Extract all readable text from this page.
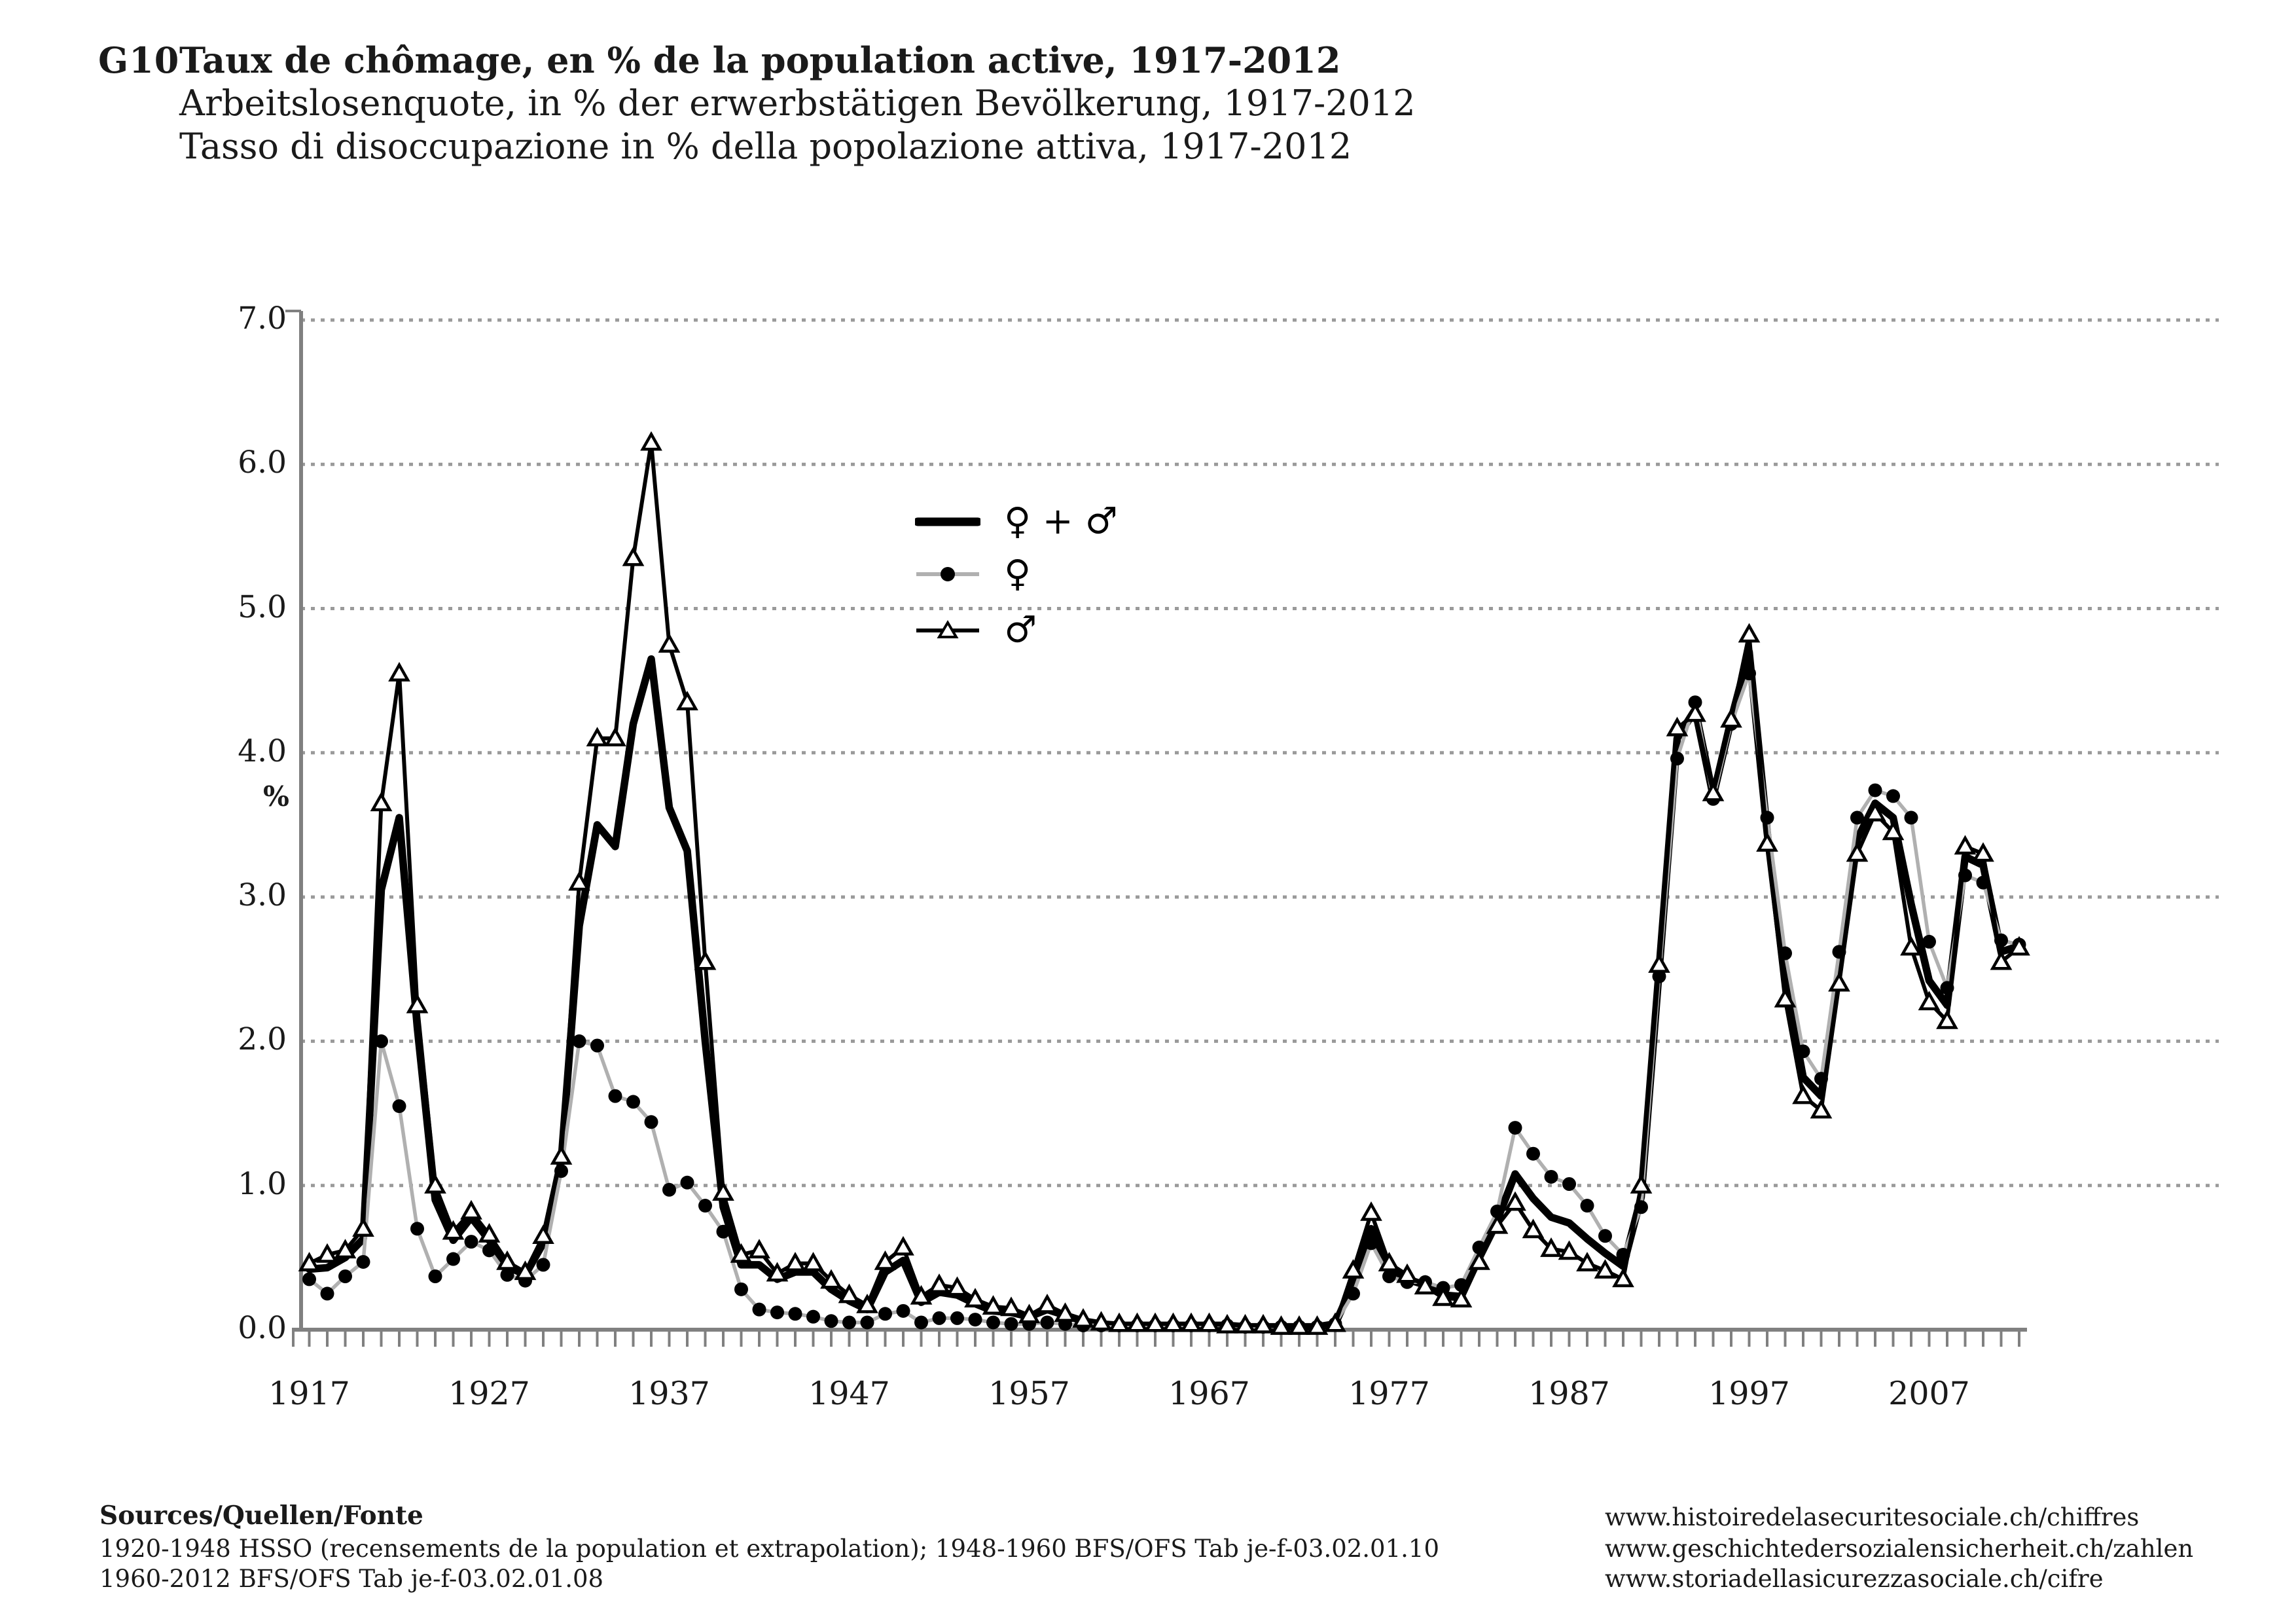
G10 Taux de chômage, en % de la population active, 1917-2012
Arbeitslosenquote, in % der erwerbstätigen Bevölkerung, 1917-2012
Tasso di disoccupazione in % della popolazione attiva, 1917-2012
0.0
1.0
2.0
3.0
4.0
5.0
6.0
7.0
%
1917	1927	1937	1947	1957	1967	1977	1987	1997	2007
♀ + ♂
♀
♂
Sources/Quellen/Fonte
1920-1948 HSSO (recensements de la population et extrapolation); 1948-1960 BFS/OFS Tab je-f-03.02.01.10
1960-2012 BFS/OFS Tab je-f-03.02.01.08
www.histoiredelasecuritesociale.ch/chiffres
www.geschichtedersozialensicherheit.ch/zahlen
www.storiadellasicurezzasociale.ch/cifre
